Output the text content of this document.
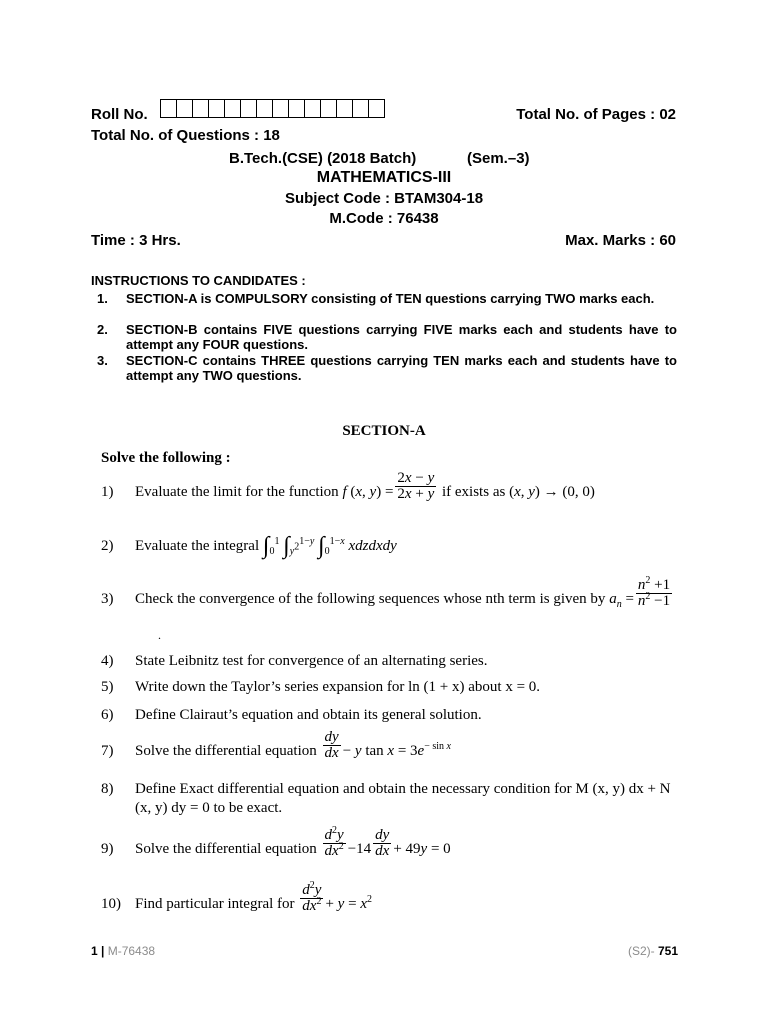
Roll No.	Total No. of Pages : 02
Total No. of Questions : 18
B.Tech.(CSE) (2018 Batch)	(Sem.–3)
MATHEMATICS-III
Subject Code : BTAM304-18
M.Code : 76438
Time : 3 Hrs.	Max. Marks : 60
INSTRUCTIONS TO CANDIDATES :
1. SECTION-A is COMPULSORY consisting of TEN questions carrying TWO marks each.
2. SECTION-B contains FIVE questions carrying FIVE marks each and students have to attempt any FOUR questions.
3. SECTION-C contains THREE questions carrying TEN marks each and students have to attempt any TWO questions.
SECTION-A
Solve the following :
1) Evaluate the limit for the function f (x, $y) = \frac{2x - y}{2x + y}$ if exists as (x, y) → (0, 0)
2) Evaluate the integral $\int_0^1$ $\int_{y^2}^{1-y}$ $\int_0^{1-x}$ xdzdxdy
3) Check the convergence of the following sequences whose nth term is given by $a_n = \frac{n^2 +1}{n^2 -1}$
.
4) State Leibnitz test for convergence of an alternating series.
5) Write down the Taylor’s series expansion for ln (1 + x) about x = 0.
6) Define Clairaut’s equation and obtain its general solution.
7) Solve the differential equation $\frac{dy}{dx} - y$ $\tan x = 3e^{- sin x}$
8) Define Exact differential equation and obtain the necessary condition for M (x, y) dx + N
(x, y) dy = 0 to be exact.
9) Solve the differential equation $\frac{d^2y}{dx^2} -14 \frac{dy}{dx} + 49y = 0$
10) Find particular integral for $\frac{d^2y}{dx^2} + y = x^2$
1 | M-76438	(S2)- 751
